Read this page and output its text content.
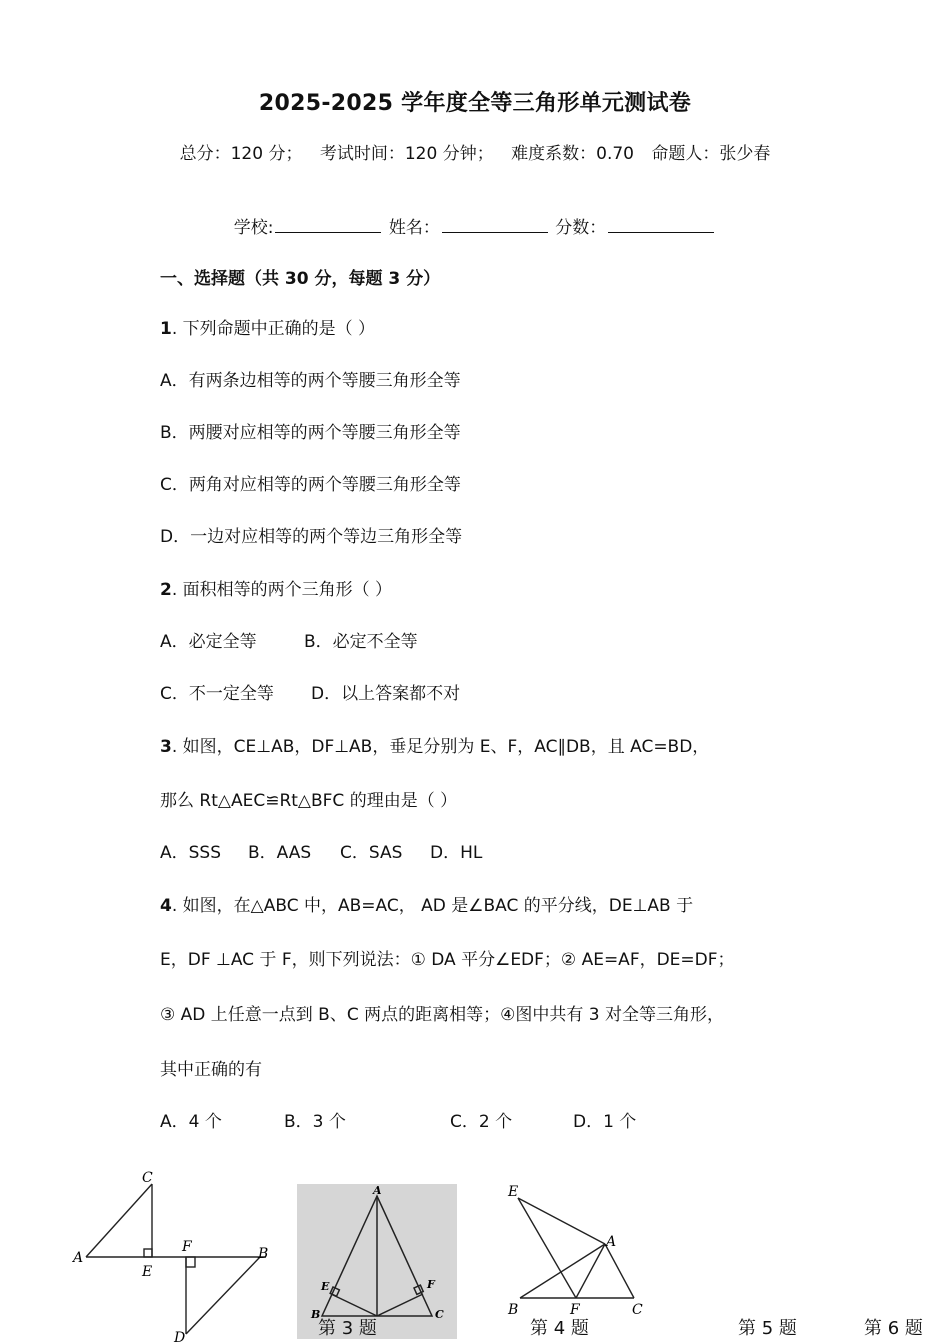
2025-2025 学年度全等三角形单元测试卷
总分：120 分； 考试时间：120 分钟； 难度系数：0.70 命题人：张少春
学校:	姓名：	分数：
一、选择题（共 30 分，每题 3 分）
1. 下列命题中正确的是（ ）
A．有两条边相等的两个等腰三角形全等
B．两腰对应相等的两个等腰三角形全等
C．两角对应相等的两个等腰三角形全等
D．一边对应相等的两个等边三角形全等
2. 面积相等的两个三角形（ ）
A．必定全等	B．必定不全等
C．不一定全等 D．以上答案都不对
3. 如图，CE⊥AB，DF⊥AB，垂足分别为 E、F，AC∥DB，且 AC=BD，
那么 Rt△AEC≌Rt△BFC 的理由是（ ）
A．SSS B．AAS C．SAS D．HL
4. 如图，在△ABC 中，AB=AC， AD 是∠BAC 的平分线，DE⊥AB 于
E，DF ⊥AC 于 F，则下列说法：① DA 平分∠EDF；② AE=AF，DE=DF；
③ AD 上任意一点到 B、C 两点的距离相等；④图中共有 3 对全等三角形，
其中正确的有
A．4 个	B．3 个	C．2 个	D．1 个
C
A
E
F	B
D
A
E	F
B	C
E
A
B	F	C
第 3 题	第 4 题	第 5 题	第 6 题
